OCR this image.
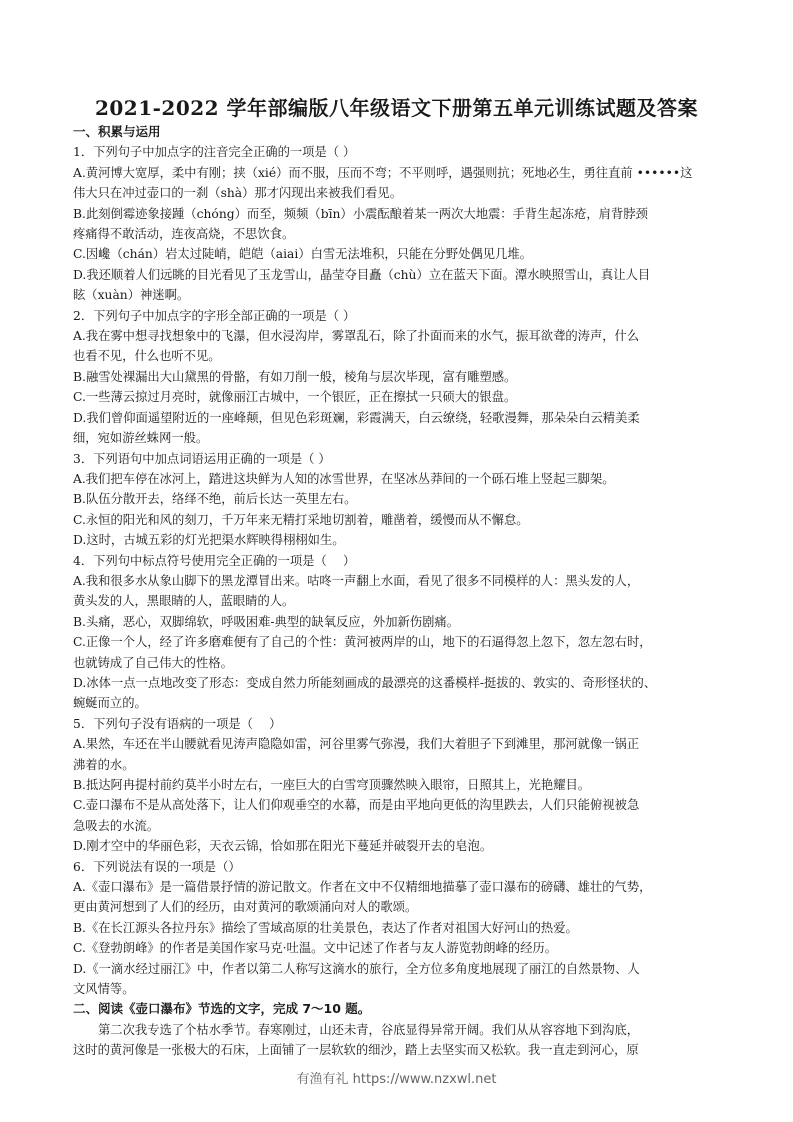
2021-2022 学年部编版八年级语文下册第五单元训练试题及答案
一、积累与运用
1．下列句子中加点字的注音完全正确的一项是（ ）
A.黄河博大宽厚，柔中有刚；挟（xié）而不服，压而不弯；不平则呼，遇强则抗；死地必生，勇往直前 ••••••这
伟大只在冲过壶口的一刹（shà）那才闪现出来被我们看见。
B.此刻倒霉迹象接踵（chóng）而至，频频（bīn）小震酝酿着某一两次大地震：手背生起冻疮，肩背脖颈
疼痛得不敢活动，连夜高烧，不思饮食。
C.因巉（chán）岩太过陡峭，皑皑（aiai）白雪无法堆积，只能在分野处偶见几堆。
D.我还顺着人们远眺的目光看见了玉龙雪山，晶莹夺目矗（chù）立在蓝天下面。潭水映照雪山，真让人目
眩（xuàn）神迷啊。
2．下列句子中加点字的字形全部正确的一项是（ ）
A.我在雾中想寻找想象中的飞瀑，但水浸沟岸，雾罩乱石，除了扑面而来的水气，振耳欲聋的涛声，什么
也看不见，什么也听不见。
B.融雪处裸漏出大山黛黑的骨骼，有如刀削一般，棱角与层次毕现，富有雕塑感。
C.一些薄云掠过月亮时，就像丽江古城中，一个银匠，正在擦拭一只硕大的银盘。
D.我们曾仰面遥望附近的一座峰颠，但见色彩斑斓，彩霞满天，白云缭绕，轻歌漫舞，那朵朵白云精美柔
细，宛如游丝蛛网一般。
3．下列语句中加点词语运用正确的一项是（ ）
A.我们把车停在冰河上，踏进这块鲜为人知的冰雪世界，在坚冰丛莽间的一个砾石堆上竖起三脚架。
B.队伍分散开去，络绎不绝，前后长达一英里左右。
C.永恒的阳光和风的刻刀，千万年来无精打采地切割着，雕凿着，缓慢而从不懈怠。
D.这时，古城五彩的灯光把渠水辉映得栩栩如生。
4．下列句中标点符号使用完全正确的一项是（　 ）
A.我和很多水从象山脚下的黑龙潭冒出来。咕咚一声翻上水面，看见了很多不同模样的人：黑头发的人，
黄头发的人，黑眼睛的人，蓝眼睛的人。
B.头痛，恶心，双脚绵软，呼吸困难-典型的缺氧反应，外加新伤剧痛。
C.正像一个人，经了许多磨难便有了自己的个性：黄河被两岸的山，地下的石逼得忽上忽下，忽左忽右时，
也就铸成了自己伟大的性格。
D.冰体一点一点地改变了形态：变成自然力所能刻画成的最漂亮的这番模样-挺拔的、敦实的、奇形怪状的、
蜿蜒而立的。
5．下列句子没有语病的一项是（　 ）
A.果然，车还在半山腰就看见涛声隐隐如雷，河谷里雾气弥漫，我们大着胆子下到滩里，那河就像一锅正
沸着的水。
B.抵达阿冉提村前约莫半小时左右，一座巨大的白雪穹顶骤然映入眼帘，日照其上，光艳耀目。
C.壶口瀑布不是从高处落下，让人们仰观垂空的水幕，而是由平地向更低的沟里跌去，人们只能俯视被急
急吸去的水流。
D.刚才空中的华丽色彩，天衣云锦，恰如那在阳光下蔓延并破裂开去的皂泡。
6．下列说法有误的一项是（）
A.《壶口瀑布》是一篇借景抒情的游记散文。作者在文中不仅精细地描摹了壶口瀑布的磅礴、雄壮的气势，
更由黄河想到了人们的经历，由对黄河的歌颂涌向对人的歌颂。
B.《在长江源头各拉丹东》描绘了雪域高原的壮美景色，表达了作者对祖国大好河山的热爱。
C.《登勃朗峰》的作者是美国作家马克·吐温。文中记述了作者与友人游览勃朗峰的经历。
D.《一滴水经过丽江》中，作者以第二人称写这滴水的旅行，全方位多角度地展现了丽江的自然景物、人
文风情等。
二、阅读《壶口瀑布》节选的文字，完成 7～10 题。
第二次我专选了个枯水季节。春寒刚过，山还未青，谷底显得异常开阔。我们从从容容地下到沟底，
这时的黄河像是一张极大的石床，上面铺了一层软软的细沙，踏上去坚实而又松软。我一直走到河心，原
有渔有礼 https://www.nzxwl.net
